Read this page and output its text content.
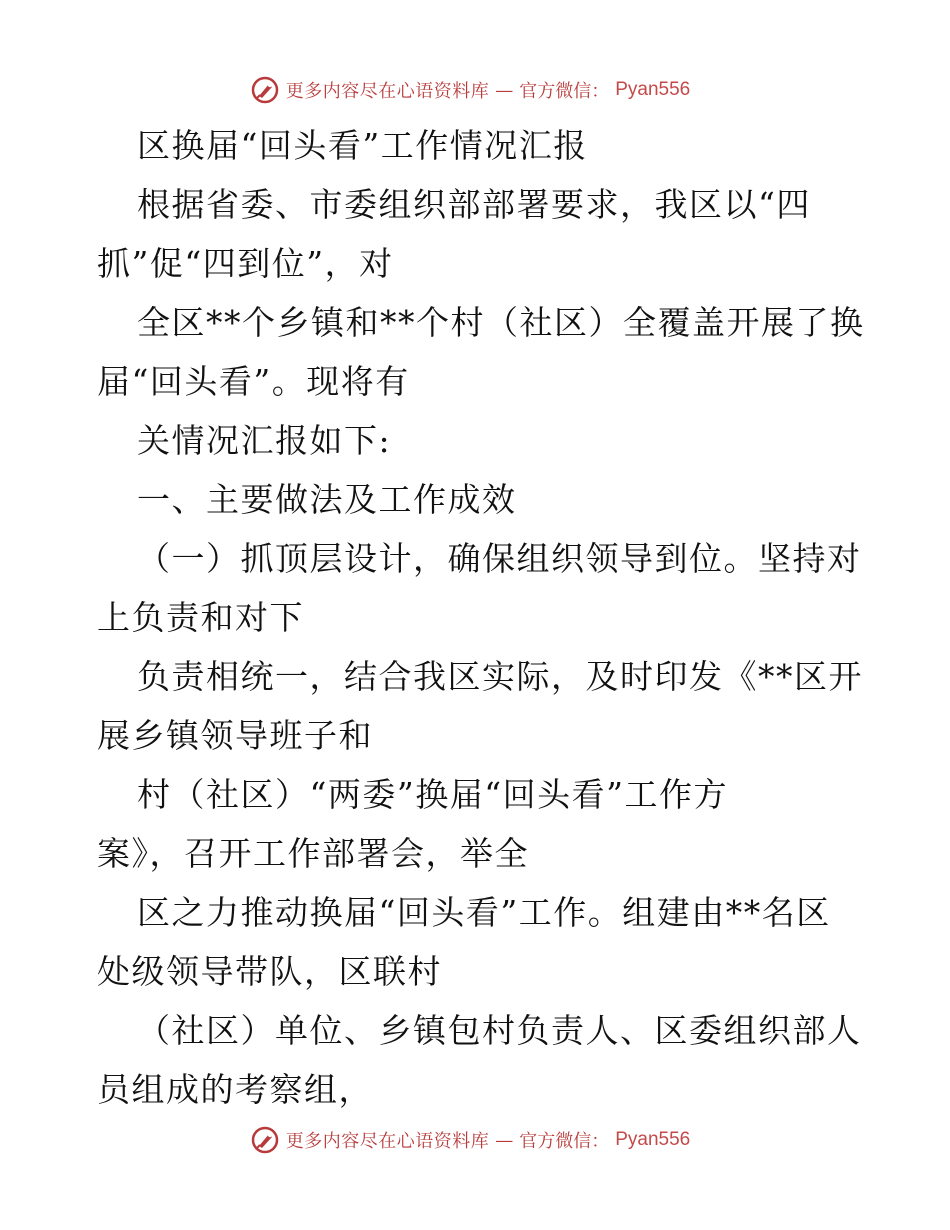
更多内容尽在心语资料库 — 官方微信： Pyan556
区换届“回头看”工作情况汇报
根据省委、市委组织部部署要求，我区以“四
抓”促“四到位”，对
全区**个乡镇和**个村（社区）全覆盖开展了换
届“回头看”。现将有
关情况汇报如下:
一、主要做法及工作成效
（一）抓顶层设计，确保组织领导到位。坚持对
上负责和对下
负责相统一，结合我区实际，及时印发《**区开
展乡镇领导班子和
村（社区）“两委”换届“回头看”工作方
案》，召开工作部署会，举全
区之力推动换届“回头看”工作。组建由**名区
处级领导带队，区联村
（社区）单位、乡镇包村负责人、区委组织部人
员组成的考察组，
更多内容尽在心语资料库 — 官方微信： Pyan556
